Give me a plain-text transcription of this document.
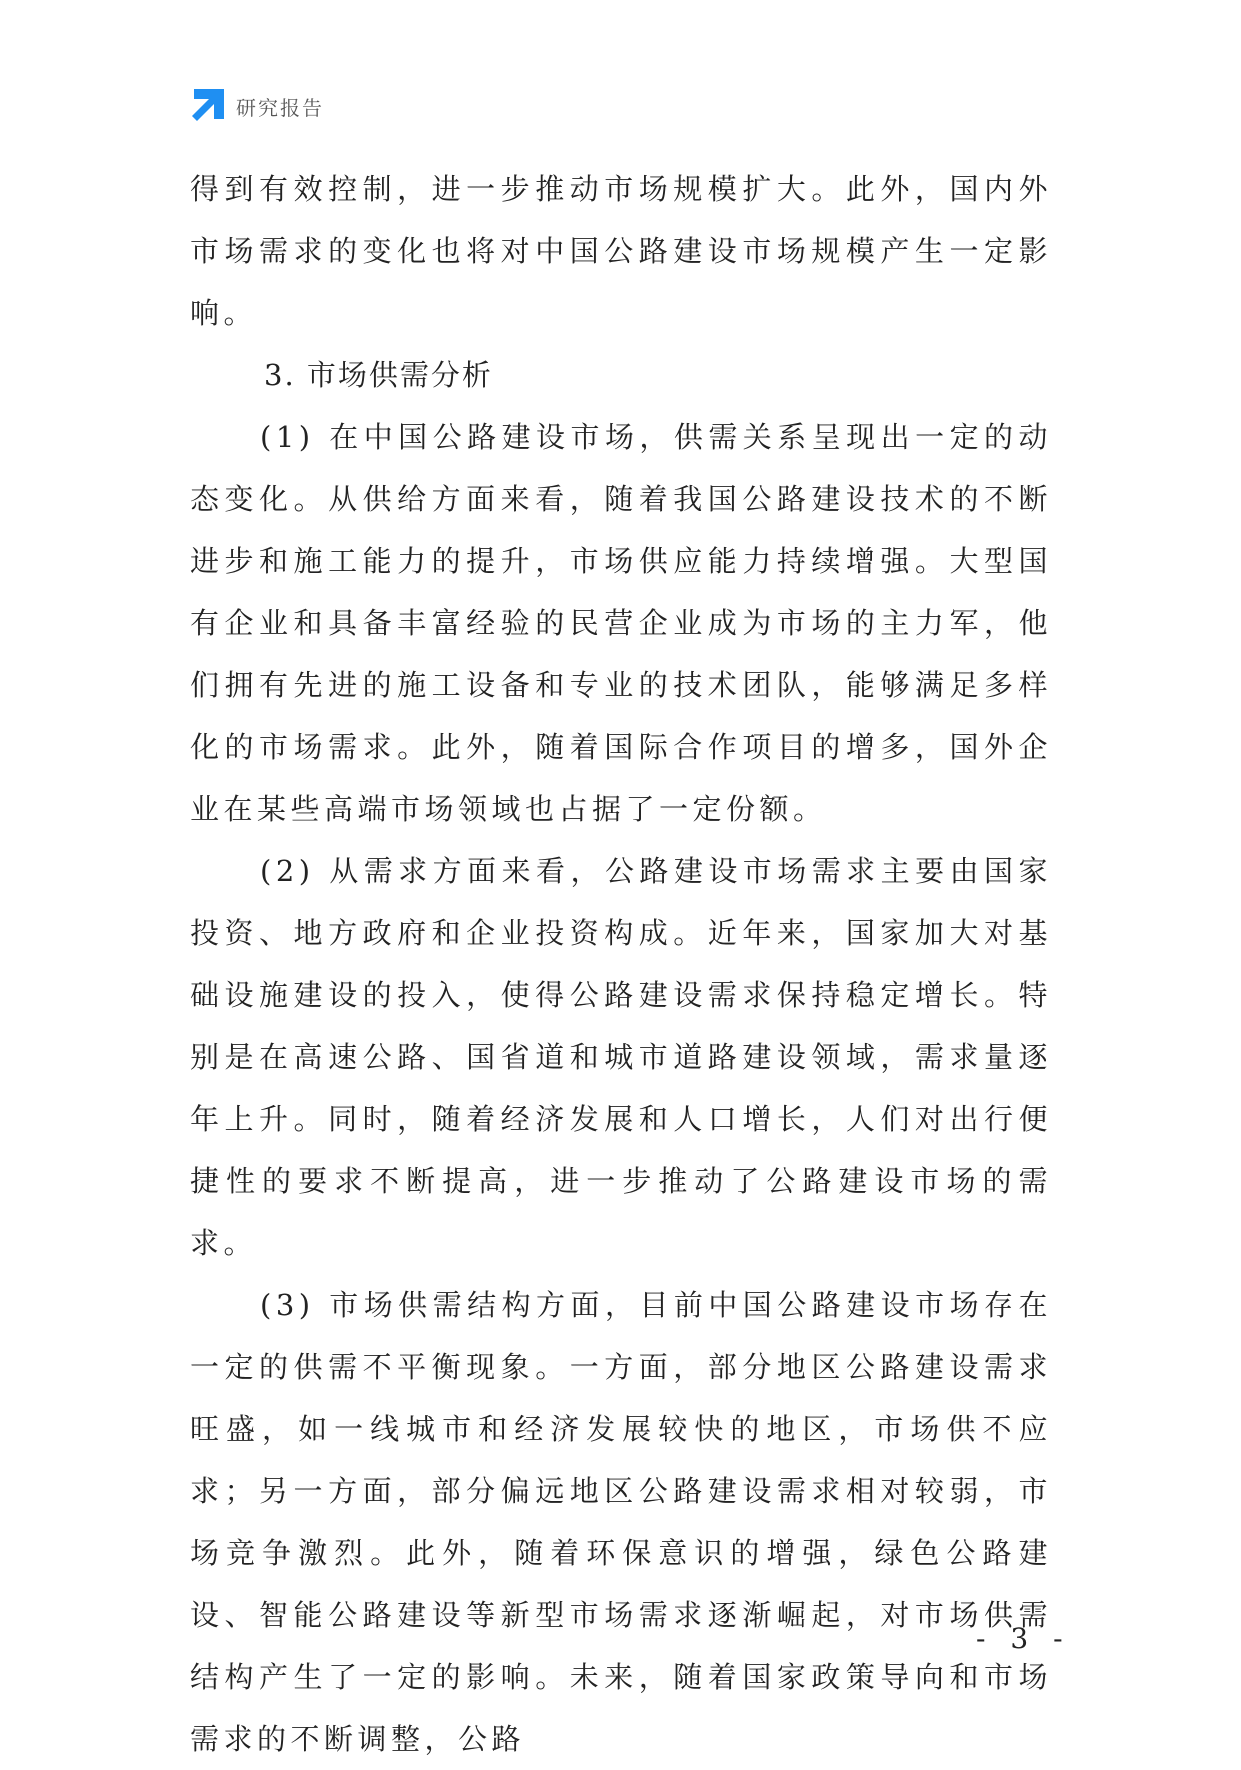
研究报告

得到有效控制，进一步推动市场规模扩大。此外，国内外市场需求的变化也将对中国公路建设市场规模产生一定影响。

3. 市场供需分析

(1) 在中国公路建设市场，供需关系呈现出一定的动态变化。从供给方面来看，随着我国公路建设技术的不断进步和施工能力的提升，市场供应能力持续增强。大型国有企业和具备丰富经验的民营企业成为市场的主力军，他们拥有先进的施工设备和专业的技术团队，能够满足多样化的市场需求。此外，随着国际合作项目的增多，国外企业在某些高端市场领域也占据了一定份额。

(2) 从需求方面来看，公路建设市场需求主要由国家投资、地方政府和企业投资构成。近年来，国家加大对基础设施建设的投入，使得公路建设需求保持稳定增长。特别是在高速公路、国省道和城市道路建设领域，需求量逐年上升。同时，随着经济发展和人口增长，人们对出行便捷性的要求不断提高，进一步推动了公路建设市场的需求。

(3) 市场供需结构方面，目前中国公路建设市场存在一定的供需不平衡现象。一方面，部分地区公路建设需求旺盛，如一线城市和经济发展较快的地区，市场供不应求；另一方面，部分偏远地区公路建设需求相对较弱，市场竞争激烈。此外，随着环保意识的增强，绿色公路建设、智能公路建设等新型市场需求逐渐崛起，对市场供需结构产生了一定的影响。未来，随着国家政策导向和市场需求的不断调整，公路

- 3 -
